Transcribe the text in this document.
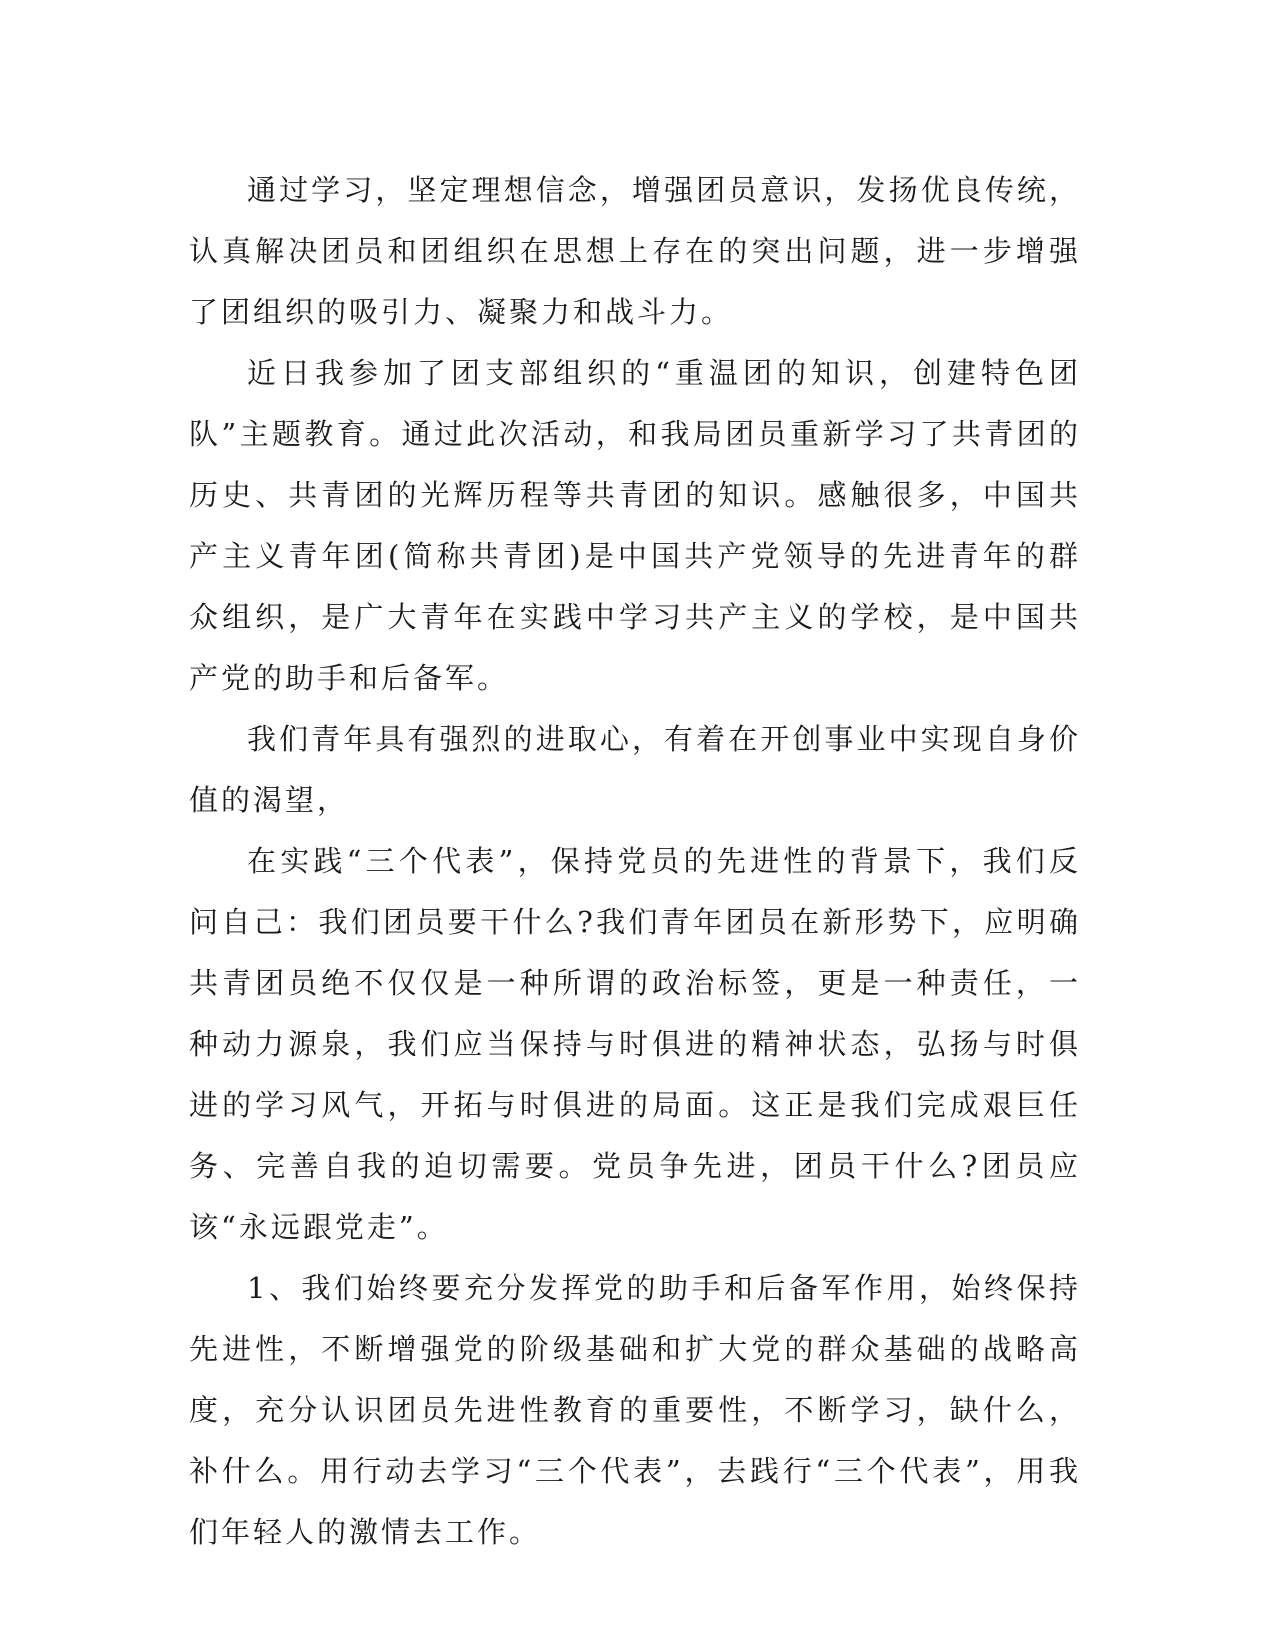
通过学习，坚定理想信念，增强团员意识，发扬优良传统，认真解决团员和团组织在思想上存在的突出问题，进一步增强了团组织的吸引力、凝聚力和战斗力。

近日我参加了团支部组织的“重温团的知识，创建特色团队”主题教育。通过此次活动，和我局团员重新学习了共青团的历史、共青团的光辉历程等共青团的知识。感触很多，中国共产主义青年团(简称共青团)是中国共产党领导的先进青年的群众组织，是广大青年在实践中学习共产主义的学校，是中国共产党的助手和后备军。

我们青年具有强烈的进取心，有着在开创事业中实现自身价值的渴望，

在实践“三个代表”，保持党员的先进性的背景下，我们反问自己：我们团员要干什么?我们青年团员在新形势下，应明确共青团员绝不仅仅是一种所谓的政治标签，更是一种责任，一种动力源泉，我们应当保持与时俱进的精神状态，弘扬与时俱进的学习风气，开拓与时俱进的局面。这正是我们完成艰巨任务、完善自我的迫切需要。党员争先进，团员干什么?团员应该“永远跟党走”。

1、我们始终要充分发挥党的助手和后备军作用，始终保持先进性，不断增强党的阶级基础和扩大党的群众基础的战略高度，充分认识团员先进性教育的重要性，不断学习，缺什么，补什么。用行动去学习“三个代表”，去践行“三个代表”，用我们年轻人的激情去工作。
